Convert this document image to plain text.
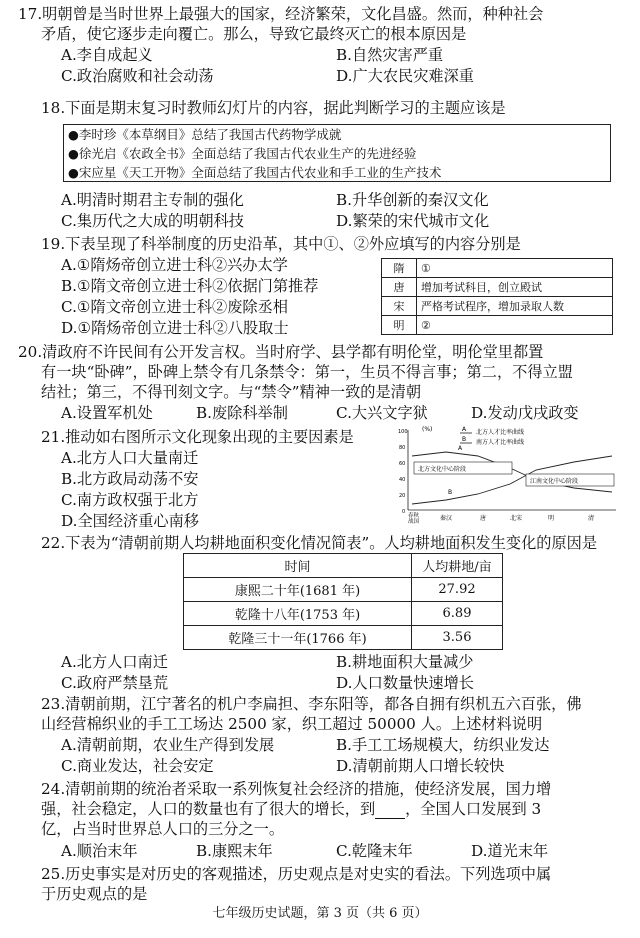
17.明朝曾是当时世界上最强大的国家，经济繁荣，文化昌盛。然而，种种社会
矛盾，使它逐步走向覆亡。那么，导致它最终灭亡的根本原因是
A.李自成起义	B.自然灾害严重
C.政治腐败和社会动荡	D.广大农民灾难深重
18.下面是期末复习时教师幻灯片的内容，据此判断学习的主题应该是
●李时珍《本草纲目》总结了我国古代药物学成就
●徐光启《农政全书》全面总结了我国古代农业生产的先进经验
●宋应星《天工开物》全面总结了我国古代农业和手工业的生产技术
A.明清时期君主专制的强化	B.升华创新的秦汉文化
C.集历代之大成的明朝科技	D.繁荣的宋代城市文化
19.下表呈现了科举制度的历史沿革，其中①、②外应填写的内容分别是
A.①隋炀帝创立进士科②兴办太学
B.①隋文帝创立进士科②依据门第推荐
C.①隋文帝创立进士科②废除丞相
D.①隋炀帝创立进士科②八股取士
隋	①
唐	增加考试科目，创立殿试
宋	严格考试程序，增加录取人数
明	②
20.清政府不许民间有公开发言权。当时府学、县学都有明伦堂，明伦堂里都置
有一块“卧碑”，卧碑上禁令有几条禁令：第一，生员不得言事；第二，不得立盟
结社；第三，不得刊刻文字。与“禁令”精神一致的是清朝
A.设置军机处	B.废除科举制	C.大兴文字狱	D.发动戊戌政变
21.推动如右图所示文化现象出现的主要因素是
A.北方人口大量南迁
B.北方政局动荡不安
C.南方政权强于北方
D.全国经济重心南移
(%)
100
80
60
40
20
0
A 北方人才比率曲线
B 南方人才比率曲线
北方文化中心阶段
江南文化中心阶段
B
A
春秋战国	秦汉	唐	北宋	明	清
22.下表为“清朝前期人均耕地面积变化情况简表”。人均耕地面积发生变化的原因是
时间	人均耕地/亩
康熙二十年(1681 年)	27.92
乾隆十八年(1753 年)	6.89
乾隆三十一年(1766 年)	3.56
A.北方人口南迁	B.耕地面积大量减少
C.政府严禁垦荒	D.人口数量快速增长
23.清朝前期，江宁著名的机户李扁担、李东阳等，都各自拥有织机五六百张，佛
山经营棉织业的手工工场达 2500 家，织工超过 50000 人。上述材料说明
A.清朝前期，农业生产得到发展	B.手工工场规模大，纺织业发达
C.商业发达，社会安定	D.清朝前期人口增长较快
24.清朝前期的统治者采取一系列恢复社会经济的措施，使经济发展，国力增
强，社会稳定，人口的数量也有了很大的增长，到 ，全国人口发展到 3
亿，占当时世界总人口的三分之一。
A.顺治末年	B.康熙末年	C.乾隆末年	D.道光末年
25.历史事实是对历史的客观描述，历史观点是对史实的看法。下列选项中属
于历史观点的是
七年级历史试题，第 3 页（共 6 页）
